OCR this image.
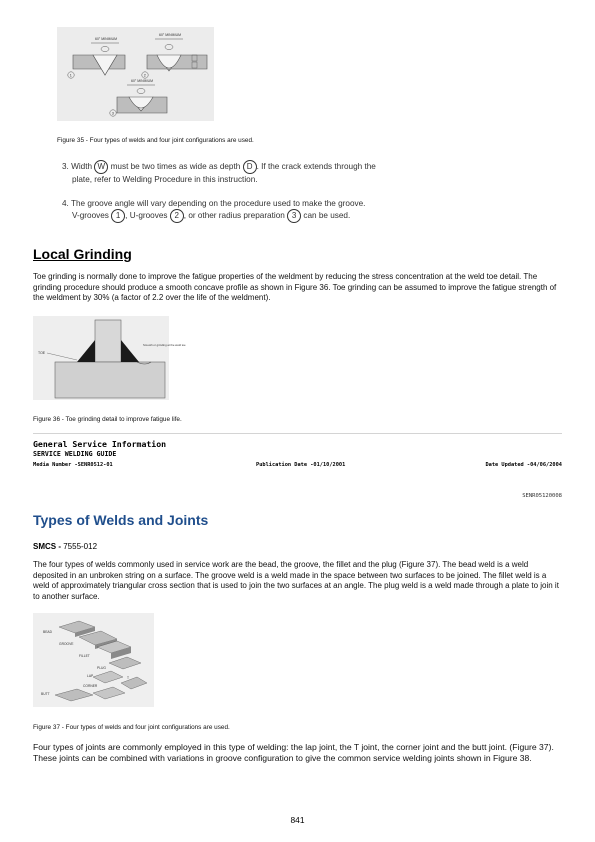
60° MINIMUM
1
60° MINIMUM
2
60° MINIMUM
3
Figure 35 - Four types of welds and four joint configurations are used.
3. Width W must be two times as wide as depth D . If the crack extends through the
plate, refer to Welding Procedure in this instruction.
4. The groove angle will vary depending on the procedure used to make the groove.
V-grooves 1 , U-grooves 2 , or other radius preparation 3 can be used.
Local Grinding
Toe grinding is normally done to improve the fatigue properties of the weldment by reducing the stress concentration at the weld toe detail. The grinding procedure should produce a smooth concave profile as shown in Figure 36. Toe grinding can be assumed to improve the fatigue strength of the weldment by 30% (a factor of 2.2 over the life of the weldment).
TOE
Smooth or grinding at the weld toe
Figure 36 - Toe grinding detail to improve fatigue life.
General Service Information
SERVICE WELDING GUIDE
Media Number -SENR0512-01	Publication Date -01/10/2001	Date Updated -04/06/2004
SENR05120008
Types of Welds and Joints
SMCS - 7555-012
The four types of welds commonly used in service work are the bead, the groove, the fillet and the plug (Figure 37). The bead weld is a weld deposited in an unbroken string on a surface. The groove weld is a weld made in the space between two surfaces to be joined. The fillet weld is a weld of approximately triangular cross section that is used to join the two surfaces at an angle. The plug weld is a weld made through a plate to join it to another surface.
BEAD
GROOVE
FILLET
PLUG
LAP
CORNER
T
BUTT
Figure 37 - Four types of welds and four joint configurations are used.
Four types of joints are commonly employed in this type of welding: the lap joint, the T joint, the corner joint and the butt joint. (Figure 37). These joints can be combined with variations in groove configuration to give the common service welding joints shown in Figure 38.
841
